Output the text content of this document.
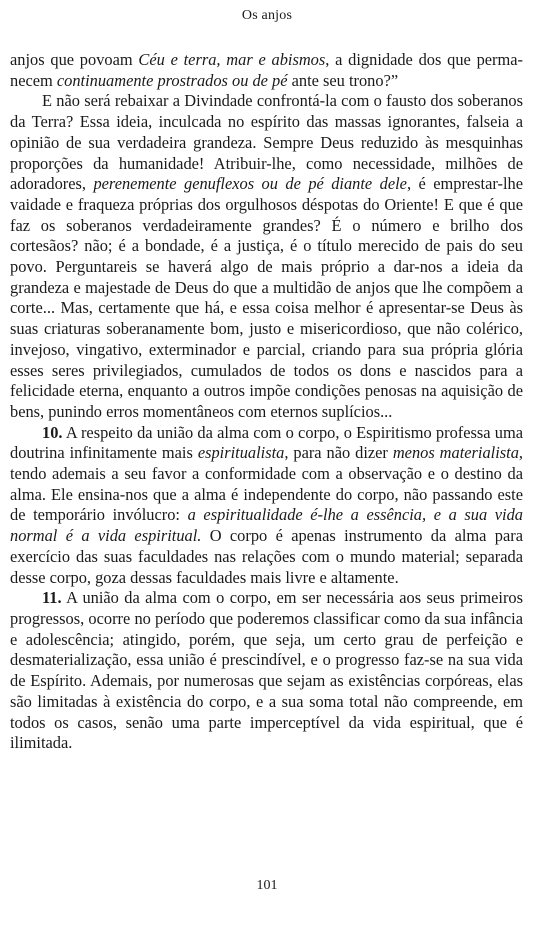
Os anjos

anjos que povoam Céu e terra, mar e abismos, a dignidade dos que permanecem continuamente prostrados ou de pé ante seu trono?”

E não será rebaixar a Divindade confrontá-la com o fausto dos soberanos da Terra? Essa ideia, inculcada no espírito das massas ignorantes, falseia a opinião de sua verdadeira grandeza. Sempre Deus reduzido às mesquinhas proporções da humanidade! Atribuir-lhe, como necessidade, milhões de adoradores, perenemente genuflexos ou de pé diante dele, é emprestar-lhe vaidade e fraqueza próprias dos orgulhosos déspotas do Oriente! E que é que faz os soberanos verdadeiramente grandes? É o número e brilho dos cortesãos? não; é a bondade, é a justiça, é o título merecido de pais do seu povo. Perguntareis se haverá algo de mais próprio a dar-nos a ideia da grandeza e majestade de Deus do que a multidão de anjos que lhe compõem a corte... Mas, certamente que há, e essa coisa melhor é apresentar-se Deus às suas criaturas soberanamente bom, justo e misericordioso, que não colérico, invejoso, vingativo, exterminador e parcial, criando para sua própria glória esses seres privilegiados, cumulados de todos os dons e nascidos para a felicidade eterna, enquanto a outros impõe condições penosas na aquisição de bens, punindo erros momentâneos com eternos suplícios...

10. A respeito da união da alma com o corpo, o Espiritismo professa uma doutrina infinitamente mais espiritualista, para não dizer menos materialista, tendo ademais a seu favor a conformidade com a observação e o destino da alma. Ele ensina-nos que a alma é independente do corpo, não passando este de temporário invólucro: a espiritualidade é-lhe a essência, e a sua vida normal é a vida espiritual. O corpo é apenas instrumento da alma para exercício das suas faculdades nas relações com o mundo material; separada desse corpo, goza dessas faculdades mais livre e altamente.

11. A união da alma com o corpo, em ser necessária aos seus primeiros progressos, ocorre no período que poderemos classificar como da sua infância e adolescência; atingido, porém, que seja, um certo grau de perfeição e desmaterialização, essa união é prescindível, e o progresso faz-⁠se na sua vida de Espírito. Ademais, por numerosas que sejam as existências corpóreas, elas são limitadas à existência do corpo, e a sua soma total não compreende, em todos os casos, senão uma parte imperceptível da vida espiritual, que é ilimitada.

101
